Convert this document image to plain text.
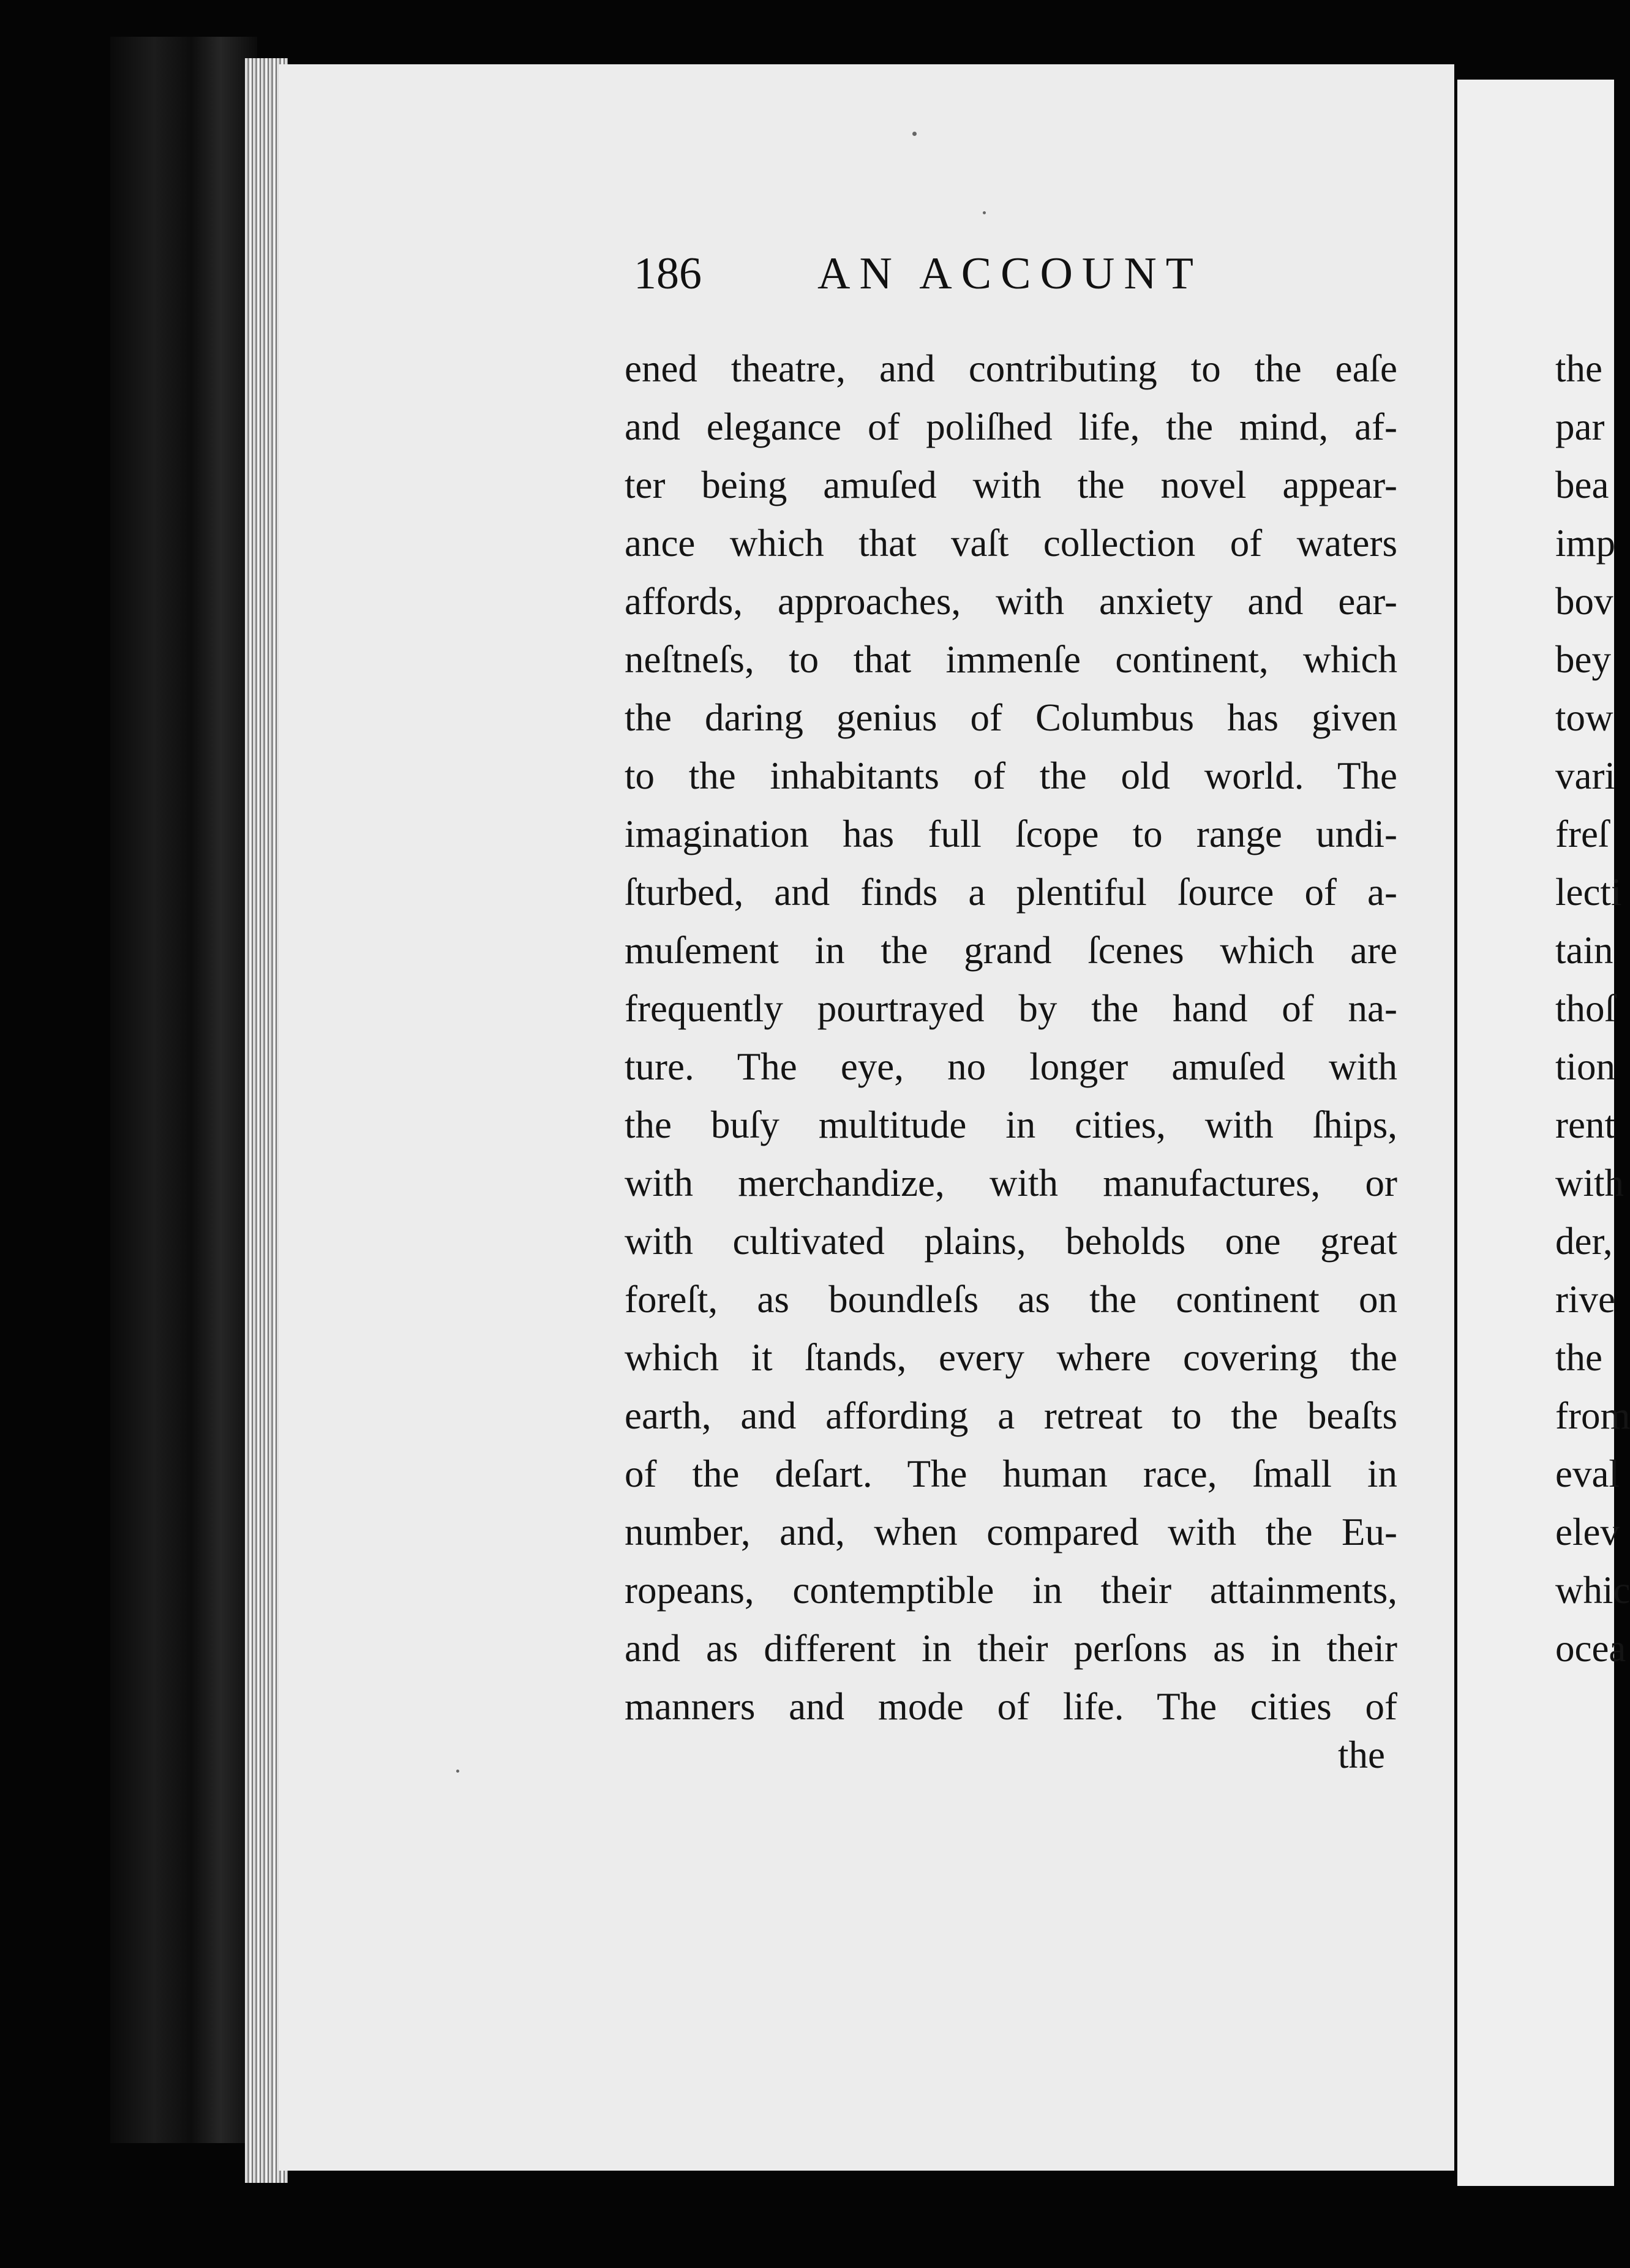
186	AN ACCOUNT
ened theatre, and contributing to the eaſe
and elegance of poliſhed life, the mind, af-
ter being amuſed with the novel appear-
ance which that vaſt collection of waters
affords, approaches, with anxiety and ear-
neſtneſs, to that immenſe continent, which
the daring genius of Columbus has given
to the inhabitants of the old world. The
imagination has full ſcope to range undi-
ſturbed, and finds a plentiful ſource of a-
muſement in the grand ſcenes which are
frequently pourtrayed by the hand of na-
ture. The eye, no longer amuſed with
the buſy multitude in cities, with ſhips,
with merchandize, with manufactures, or
with cultivated plains, beholds one great
foreſt, as boundleſs as the continent on
which it ſtands, every where covering the
earth, and affording a retreat to the beaſts
of the deſart. The human race, ſmall in
number, and, when compared with the Eu-
ropeans, contemptible in their attainments,
and as different in their perſons as in their
manners and mode of life. The cities of
the
the
par
bea
imp
bov
bey
tow
vari
freſ
lecti
tain
thoſ
tion
rent
with
der,
rive
the
from
eval
elev
whic
ocea
